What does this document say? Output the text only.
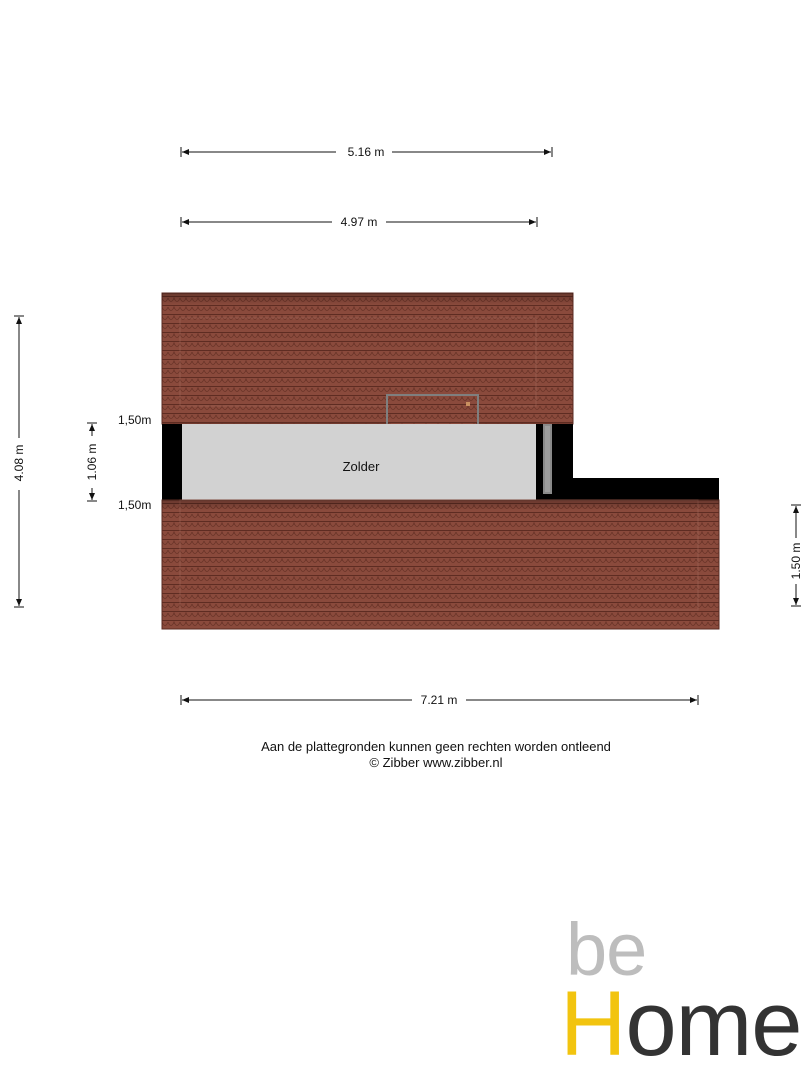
Zolder
1,50m
1,50m
5.16 m
4.97 m
7.21 m
4.08 m	1.06 m
1.50 m
Aan de plattegronden kunnen geen rechten worden ontleend
© Zibber www.zibber.nl
be
Home
